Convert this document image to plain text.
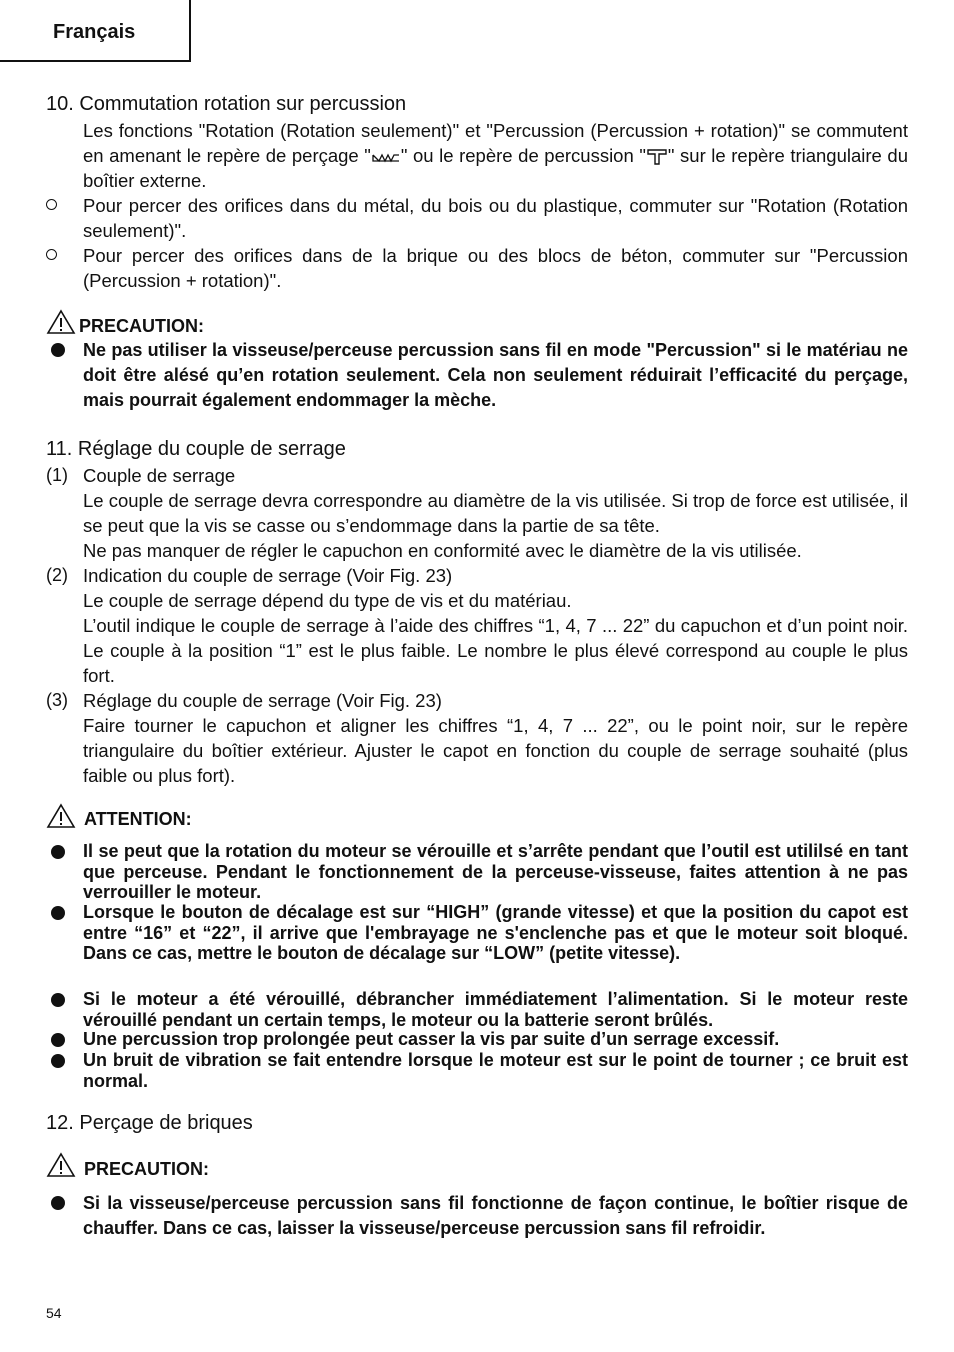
Français
10. Commutation rotation sur percussion
Les fonctions "Rotation (Rotation seulement)" et "Percussion (Percussion + rotation)" se commutent en amenant le repère de perçage " " ou le repère de percussion " " sur le repère triangulaire du boîtier externe.
Pour percer des orifices dans du métal, du bois ou du plastique, commuter sur "Rotation (Rotation seulement)".
Pour percer des orifices dans de la brique ou des blocs de béton, commuter sur "Percussion (Percussion + rotation)".
PRECAUTION:
Ne pas utiliser la visseuse/perceuse percussion sans fil en mode "Percussion" si le matériau ne doit être alésé qu’en rotation seulement. Cela non seulement réduirait l’efficacité du perçage, mais pourrait également endommager la mèche.
11. Réglage du couple de serrage
(1) Couple de serrage
Le couple de serrage devra correspondre au diamètre de la vis utilisée. Si trop de force est utilisée, il se peut que la vis se casse ou s’endommage dans la partie de sa tête.
Ne pas manquer de régler le capuchon en conformité avec le diamètre de la vis utilisée.
(2) Indication du couple de serrage (Voir Fig. 23)
Le couple de serrage dépend du type de vis et du matériau.
L’outil indique le couple de serrage à l’aide des chiffres “1, 4, 7 ... 22” du capuchon et d’un point noir. Le couple à la position “1” est le plus faible. Le nombre le plus élevé correspond au couple le plus fort.
(3) Réglage du couple de serrage (Voir Fig. 23)
Faire tourner le capuchon et aligner les chiffres “1, 4, 7 ... 22”, ou le point noir, sur le repère triangulaire du boîtier extérieur. Ajuster le capot en fonction du couple de serrage souhaité (plus faible ou plus fort).
ATTENTION:
Il se peut que la rotation du moteur se vérouille et s’arrête pendant que l’outil est utililsé en tant que perceuse. Pendant le fonctionnement de la perceuse-visseuse, faites attention à ne pas verrouiller le moteur.
Lorsque le bouton de décalage est sur “HIGH” (grande vitesse) et que la position du capot est entre “16” et “22”, il arrive que l'embrayage ne s'enclenche pas et que le moteur soit bloqué. Dans ce cas, mettre le bouton de décalage sur “LOW” (petite vitesse).
Si le moteur a été vérouillé, débrancher immédiatement l’alimentation. Si le moteur reste vérouillé pendant un certain temps, le moteur ou la batterie seront brûlés.
Une percussion trop prolongée peut casser la vis par suite d’un serrage excessif.
Un bruit de vibration se fait entendre lorsque le moteur est sur le point de tourner ; ce bruit est normal.
12. Perçage de briques
PRECAUTION:
Si la visseuse/perceuse percussion sans fil fonctionne de façon continue, le boîtier risque de chauffer. Dans ce cas, laisser la visseuse/perceuse percussion sans fil refroidir.
54
